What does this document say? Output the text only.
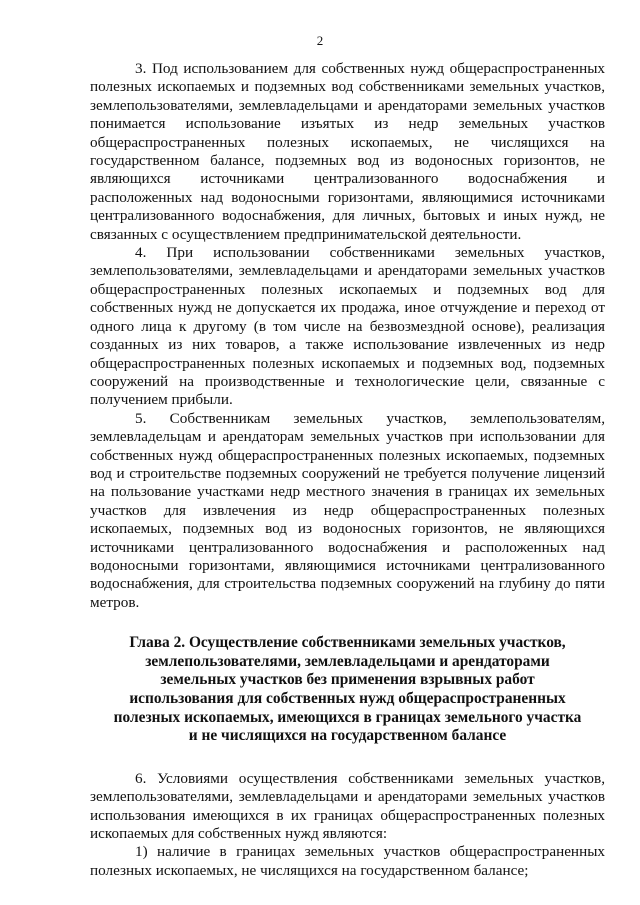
2

3. Под использованием для собственных нужд общераспространенных полезных ископаемых и подземных вод собственниками земельных участков, землепользователями, землевладельцами и арендаторами земельных участков понимается использование изъятых из недр земельных участков общераспространенных полезных ископаемых, не числящихся на государственном балансе, подземных вод из водоносных горизонтов, не являющихся источниками централизованного водоснабжения и расположенных над водоносными горизонтами, являющимися источниками централизованного водоснабжения, для личных, бытовых и иных нужд, не связанных с осуществлением предпринимательской деятельности.

4. При использовании собственниками земельных участков, землепользователями, землевладельцами и арендаторами земельных участков общераспространенных полезных ископаемых и подземных вод для собственных нужд не допускается их продажа, иное отчуждение и переход от одного лица к другому (в том числе на безвозмездной основе), реализация созданных из них товаров, а также использование извлеченных из недр общераспространенных полезных ископаемых и подземных вод, подземных сооружений на производственные и технологические цели, связанные с получением прибыли.

5. Собственникам земельных участков, землепользователям, землевладельцам и арендаторам земельных участков при использовании для собственных нужд общераспространенных полезных ископаемых, подземных вод и строительстве подземных сооружений не требуется получение лицензий на пользование участками недр местного значения в границах их земельных участков для извлечения из недр общераспространенных полезных ископаемых, подземных вод из водоносных горизонтов, не являющихся источниками централизованного водоснабжения и расположенных над водоносными горизонтами, являющимися источниками централизованного водоснабжения, для строительства подземных сооружений на глубину до пяти метров.

Глава 2. Осуществление собственниками земельных участков,
землепользователями, землевладельцами и арендаторами
земельных участков без применения взрывных работ
использования для собственных нужд общераспространенных
полезных ископаемых, имеющихся в границах земельного участка
и не числящихся на государственном балансе

6. Условиями осуществления собственниками земельных участков, землепользователями, землевладельцами и арендаторами земельных участков использования имеющихся в их границах общераспространенных полезных ископаемых для собственных нужд являются:

1) наличие в границах земельных участков общераспространенных полезных ископаемых, не числящихся на государственном балансе;
